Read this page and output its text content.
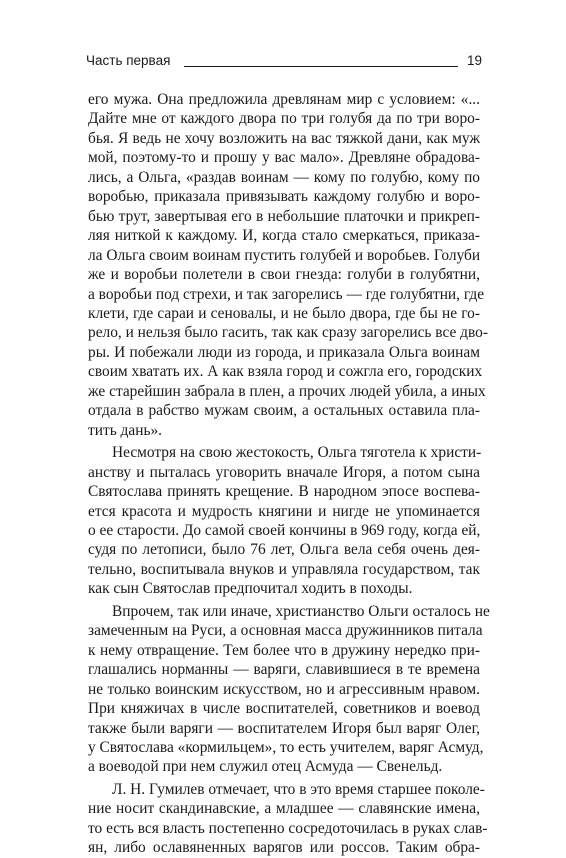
Часть первая	19

его мужа. Она предложила древлянам мир с условием: «...
Дайте мне от каждого двора по три голубя да по три воро-
бья. Я ведь не хочу возложить на вас тяжкой дани, как муж
мой, поэтому-то и прошу у вас мало». Древляне обрадова-
лись, а Ольга, «раздав воинам — кому по голубю, кому по
воробью, приказала привязывать каждому голубю и воро-
бью трут, завертывая его в небольшие платочки и прикреп-
ляя ниткой к каждому. И, когда стало смеркаться, приказа-
ла Ольга своим воинам пустить голубей и воробьев. Голуби
же и воробьи полетели в свои гнезда: голуби в голубятни,
а воробьи под стрехи, и так загорелись — где голубятни, где
клети, где сараи и сеновалы, и не было двора, где бы не го-
рело, и нельзя было гасить, так как сразу загорелись все дво-
ры. И побежали люди из города, и приказала Ольга воинам
своим хватать их. А как взяла город и сожгла его, городских
же старейшин забрала в плен, а прочих людей убила, а иных
отдала в рабство мужам своим, а остальных оставила пла-
тить дань».

Несмотря на свою жестокость, Ольга тяготела к христи-
анству и пыталась уговорить вначале Игоря, а потом сына
Святослава принять крещение. В народном эпосе воспева-
ется красота и мудрость княгини и нигде не упоминается
о ее старости. До самой своей кончины в 969 году, когда ей,
судя по летописи, было 76 лет, Ольга вела себя очень дея-
тельно, воспитывала внуков и управляла государством, так
как сын Святослав предпочитал ходить в походы.

Впрочем, так или иначе, христианство Ольги осталось не
замеченным на Руси, а основная масса дружинников питала
к нему отвращение. Тем более что в дружину нередко при-
глашались норманны — варяги, славившиеся в те времена
не только воинским искусством, но и агрессивным нравом.
При княжичах в числе воспитателей, советников и воевод
также были варяги — воспитателем Игоря был варяг Олег,
у Святослава «кормильцем», то есть учителем, варяг Асмуд,
а воеводой при нем служил отец Асмуда — Свенельд.

Л. Н. Гумилев отмечает, что в это время старшее поколе-
ние носит скандинавские, а младшее — славянские имена,
то есть вся власть постепенно сосредоточилась в руках слав-
ян, либо ославяненных варягов или россов. Таким обра-
